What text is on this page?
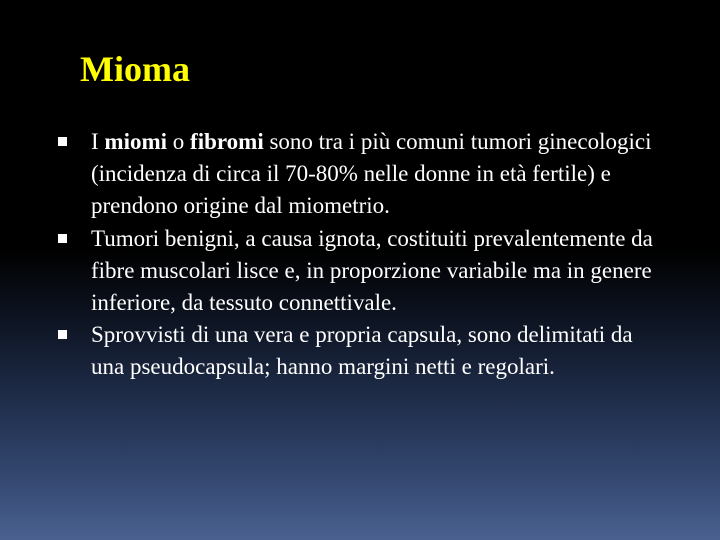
Mioma
I miomi o fibromi sono tra i più comuni tumori ginecologici (incidenza di circa il 70-80% nelle donne in età fertile) e prendono origine dal miometrio.
Tumori benigni, a causa ignota, costituiti prevalentemente da fibre muscolari lisce e, in proporzione variabile ma in genere inferiore, da tessuto connettivale.
Sprovvisti di una vera e propria capsula, sono delimitati da una pseudocapsula; hanno margini netti e regolari.
